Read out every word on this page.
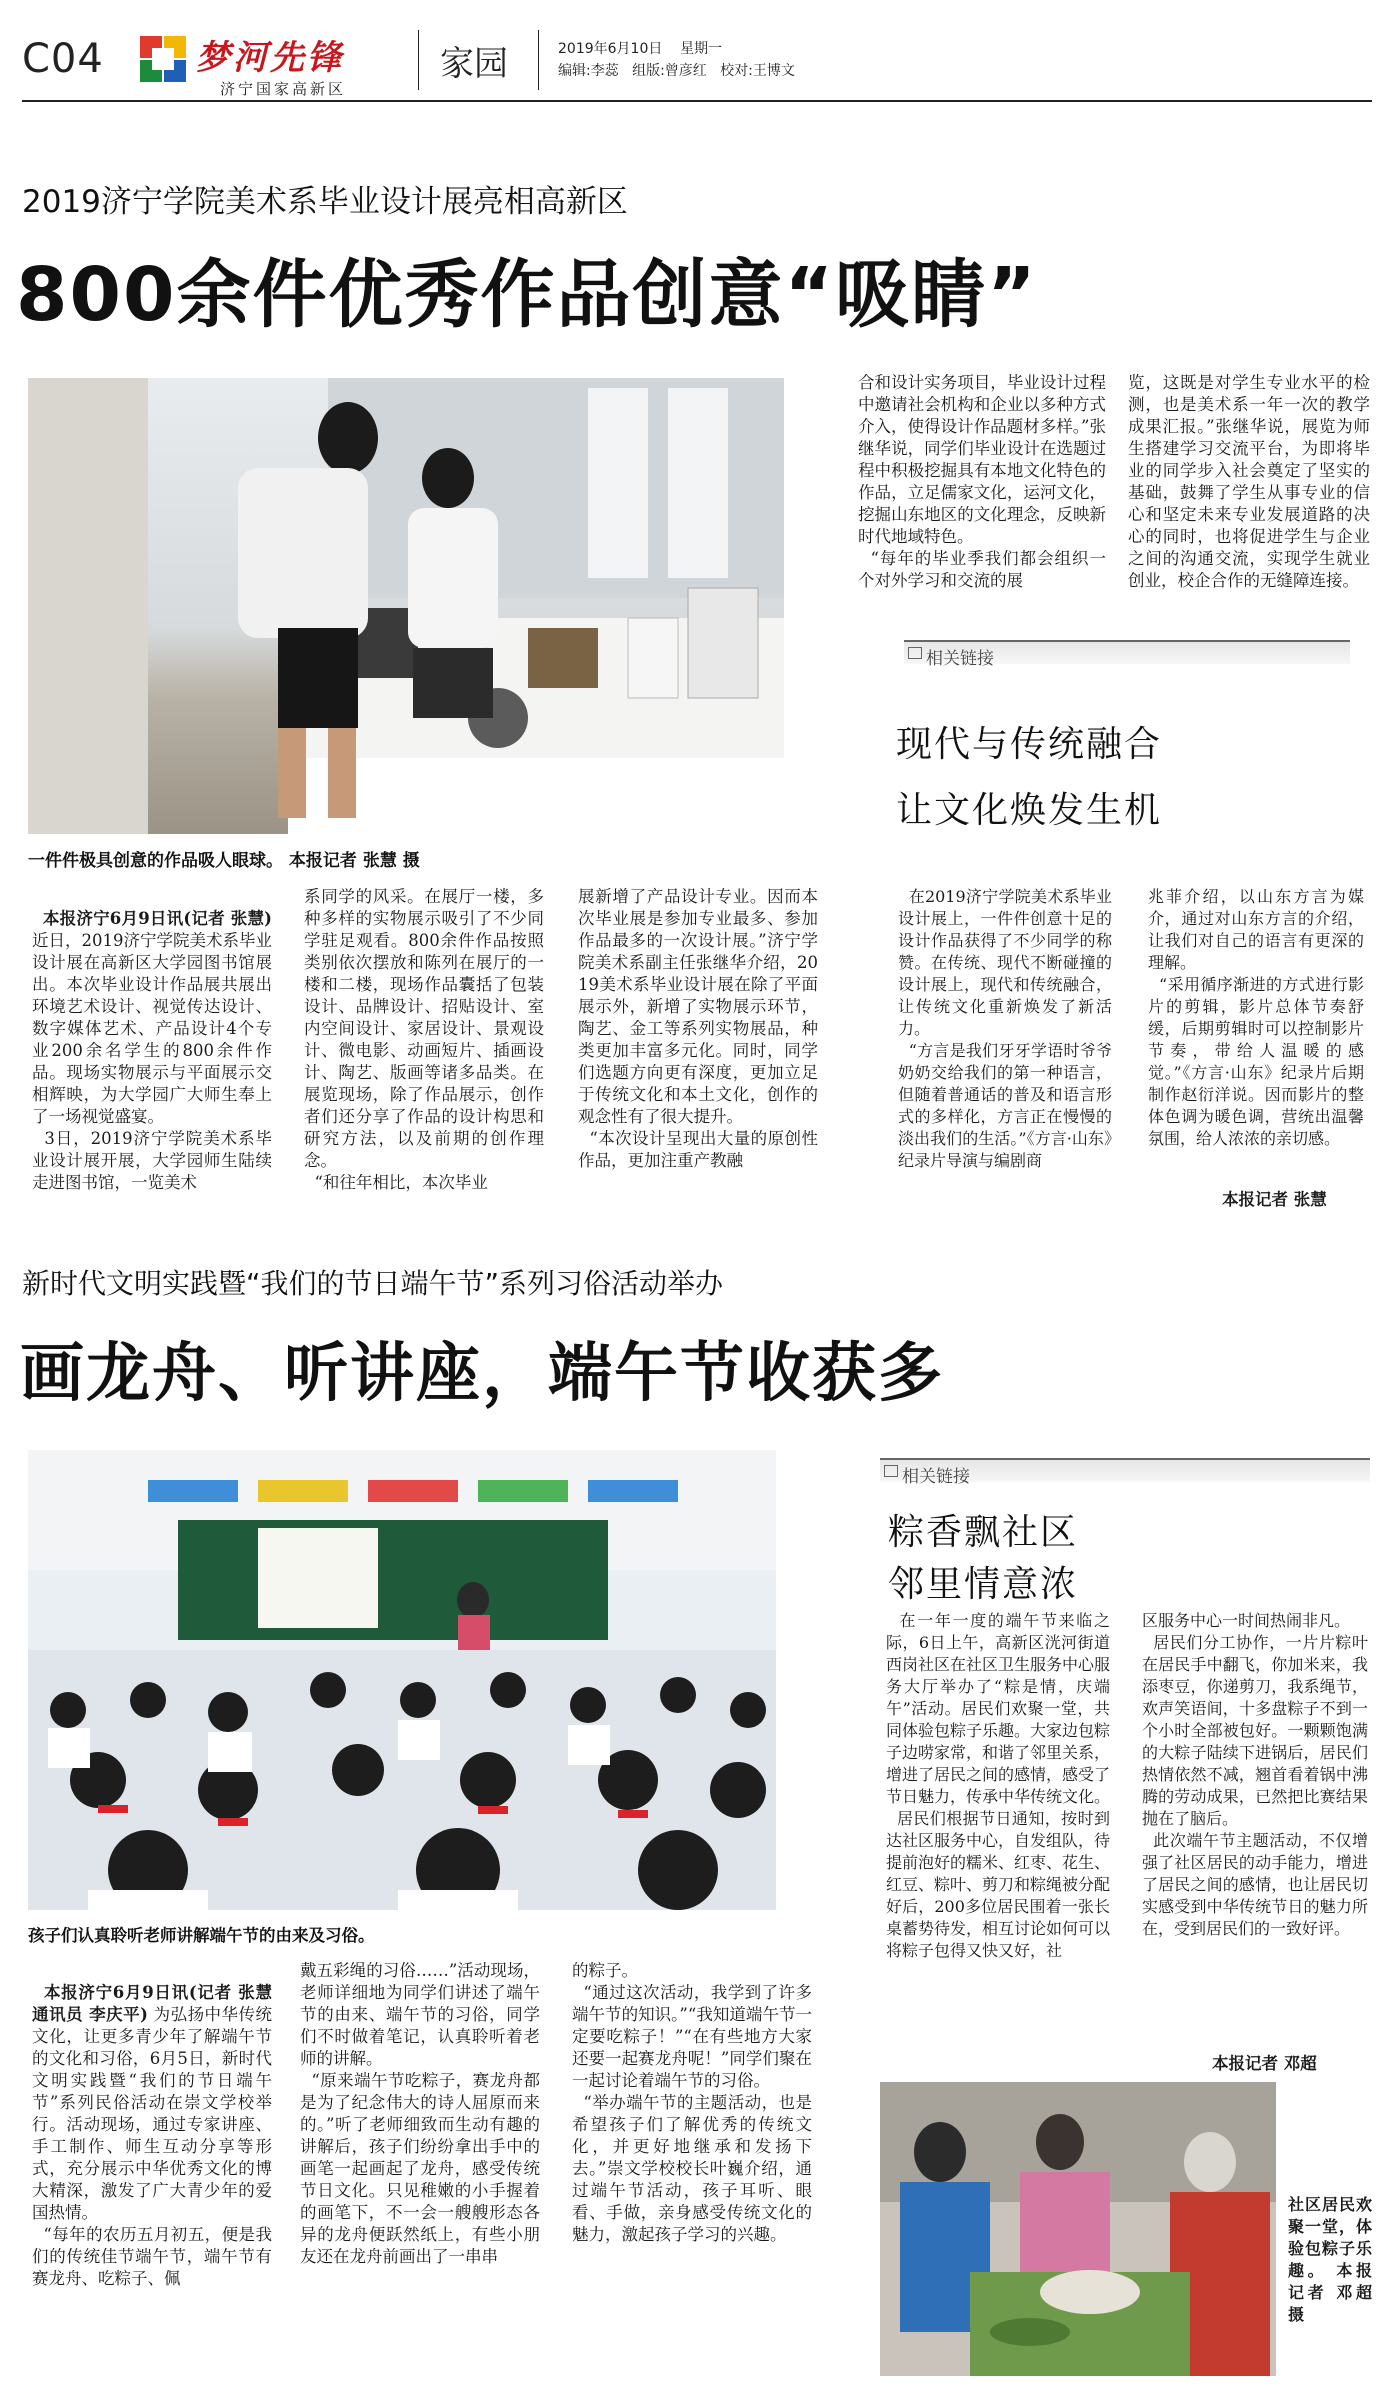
C04	梦河先锋
济宁国家高新区
家园	2019年6月10日 星期一
编辑:李蕊 组版:曾彦红 校对:王博文
2019济宁学院美术系毕业设计展亮相高新区
800余件优秀作品创意“吸睛”
一件件极具创意的作品吸人眼球。 本报记者 张慧 摄
合和设计实务项目，毕业设计过程中邀请社会机构和企业以多种方式介入，使得设计作品题材多样。”张继华说，同学们毕业设计在选题过程中积极挖掘具有本地文化特色的作品，立足儒家文化，运河文化，挖掘山东地区的文化理念，反映新时代地域特色。
“每年的毕业季我们都会组织一个对外学习和交流的展
览，这既是对学生专业水平的检测，也是美术系一年一次的教学成果汇报。”张继华说，展览为师生搭建学习交流平台，为即将毕业的同学步入社会奠定了坚实的基础，鼓舞了学生从事专业的信心和坚定未来专业发展道路的决心的同时，也将促进学生与企业之间的沟通交流，实现学生就业创业，校企合作的无缝障连接。
相关链接
现代与传统融合
让文化焕发生机

本报济宁6月9日讯(记者 张慧) 近日，2019济宁学院美术系毕业设计展在高新区大学园图书馆展出。本次毕业设计作品展共展出环境艺术设计、视觉传达设计、数字媒体艺术、产品设计4个专业200余名学生的800余件作品。现场实物展示与平面展示交相辉映，为大学园广大师生奉上了一场视觉盛宴。
3日，2019济宁学院美术系毕业设计展开展，大学园师生陆续走进图书馆，一览美术

系同学的风采。在展厅一楼，多种多样的实物展示吸引了不少同学驻足观看。800余件作品按照类别依次摆放和陈列在展厅的一楼和二楼，现场作品囊括了包装设计、品牌设计、招贴设计、室内空间设计、家居设计、景观设计、微电影、动画短片、插画设计、陶艺、版画等诸多品类。在展览现场，除了作品展示，创作者们还分享了作品的设计构思和研究方法，以及前期的创作理念。
“和往年相比，本次毕业
展新增了产品设计专业。因而本次毕业展是参加专业最多、参加作品最多的一次设计展。”济宁学院美术系副主任张继华介绍，2019美术系毕业设计展在除了平面展示外，新增了实物展示环节，陶艺、金工等系列实物展品，种类更加丰富多元化。同时，同学们选题方向更有深度，更加立足于传统文化和本土文化，创作的观念性有了很大提升。
“本次设计呈现出大量的原创性作品，更加注重产教融
在2019济宁学院美术系毕业设计展上，一件件创意十足的设计作品获得了不少同学的称赞。在传统、现代不断碰撞的设计展上，现代和传统融合，让传统文化重新焕发了新活力。
“方言是我们牙牙学语时爷爷奶奶交给我们的第一种语言，但随着普通话的普及和语言形式的多样化，方言正在慢慢的淡出我们的生活。”《方言·山东》纪录片导演与编剧商
兆菲介绍，以山东方言为媒介，通过对山东方言的介绍，让我们对自己的语言有更深的理解。
“采用循序渐进的方式进行影片的剪辑，影片总体节奏舒缓，后期剪辑时可以控制影片节奏，带给人温暖的感觉。”《方言·山东》纪录片后期制作赵衍洋说。因而影片的整体色调为暖色调，营统出温馨氛围，给人浓浓的亲切感。
本报记者 张慧
新时代文明实践暨“我们的节日端午节”系列习俗活动举办
画龙舟、听讲座，端午节收获多
孩子们认真聆听老师讲解端午节的由来及习俗。
相关链接
粽香飘社区
邻里情意浓
在一年一度的端午节来临之际，6日上午，高新区洸河街道西岗社区在社区卫生服务中心服务大厅举办了“粽是情，庆端午”活动。居民们欢聚一堂，共同体验包粽子乐趣。大家边包粽子边唠家常，和谐了邻里关系，增进了居民之间的感情，感受了节日魅力，传承中华传统文化。
居民们根据节日通知，按时到达社区服务中心，自发组队，待提前泡好的糯米、红枣、花生、红豆、粽叶、剪刀和粽绳被分配好后，200多位居民围着一张长桌蓄势待发，相互讨论如何可以将粽子包得又快又好，社
区服务中心一时间热闹非凡。
居民们分工协作，一片片粽叶在居民手中翻飞，你加米来，我添枣豆，你递剪刀，我系绳节，欢声笑语间，十多盘粽子不到一个小时全部被包好。一颗颗饱满的大粽子陆续下进锅后，居民们热情依然不减，翘首看着锅中沸腾的劳动成果，已然把比赛结果抛在了脑后。
此次端午节主题活动，不仅增强了社区居民的动手能力，增进了居民之间的感情，也让居民切实感受到中华传统节日的魅力所在，受到居民们的一致好评。
本报记者 邓超
社区居民欢聚一堂，体验包粽子乐趣。 本报记者 邓超 摄

本报济宁6月9日讯(记者 张慧 通讯员 李庆平) 为弘扬中华传统文化，让更多青少年了解端午节的文化和习俗，6月5日，新时代文明实践暨“我们的节日端午节”系列民俗活动在崇文学校举行。活动现场，通过专家讲座、手工制作、师生互动分享等形式，充分展示中华优秀文化的博大精深，激发了广大青少年的爱国热情。
“每年的农历五月初五，便是我们的传统佳节端午节，端午节有赛龙舟、吃粽子、佩

戴五彩绳的习俗……”活动现场，老师详细地为同学们讲述了端午节的由来、端午节的习俗，同学们不时做着笔记，认真聆听着老师的讲解。
“原来端午节吃粽子，赛龙舟都是为了纪念伟大的诗人屈原而来的。”听了老师细致而生动有趣的讲解后，孩子们纷纷拿出手中的画笔一起画起了龙舟，感受传统节日文化。只见稚嫩的小手握着的画笔下，不一会一艘艘形态各异的龙舟便跃然纸上，有些小朋友还在龙舟前画出了一串串
的粽子。
“通过这次活动，我学到了许多端午节的知识。”“我知道端午节一定要吃粽子！”“在有些地方大家还要一起赛龙舟呢！”同学们聚在一起讨论着端午节的习俗。
“举办端午节的主题活动，也是希望孩子们了解优秀的传统文化，并更好地继承和发扬下去。”崇文学校校长叶巍介绍，通过端午节活动，孩子耳听、眼看、手做，亲身感受传统文化的魅力，激起孩子学习的兴趣。
